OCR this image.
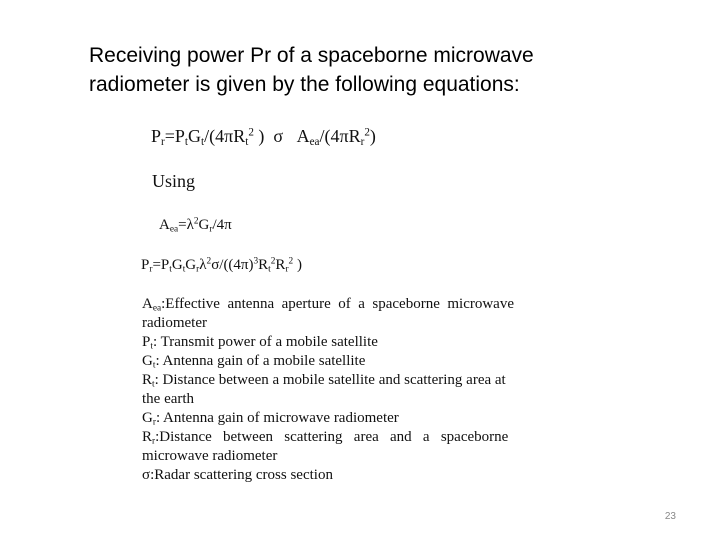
Receiving power Pr of a spaceborne microwave
radiometer is given by the following equations:
$P_r=P_tG_t/(4\pi R_t^2$ )  σ   $A_{ea}/(4\pi R_r^2)$
Using
$A_{ea}=\lambda^2G_r/4\pi$
$P_r=P_tG_tG_r\lambda^2\sigma/((4\pi)^3R_t^2R_r^2$ )
$A_{ea}:Effective$  antenna  aperture  of  a  spaceborne  microwave
radiometer
$P_t$: Transmit power of a mobile satellite
$G_t$: Antenna gain of a mobile satellite
$R_t$: Distance between a mobile satellite and scattering area at
the earth
$G_r$: Antenna gain of microwave radiometer
$R_r:Distance$   between   scattering   area   and   a   spaceborne
microwave radiometer
σ:Radar scattering cross section
23
